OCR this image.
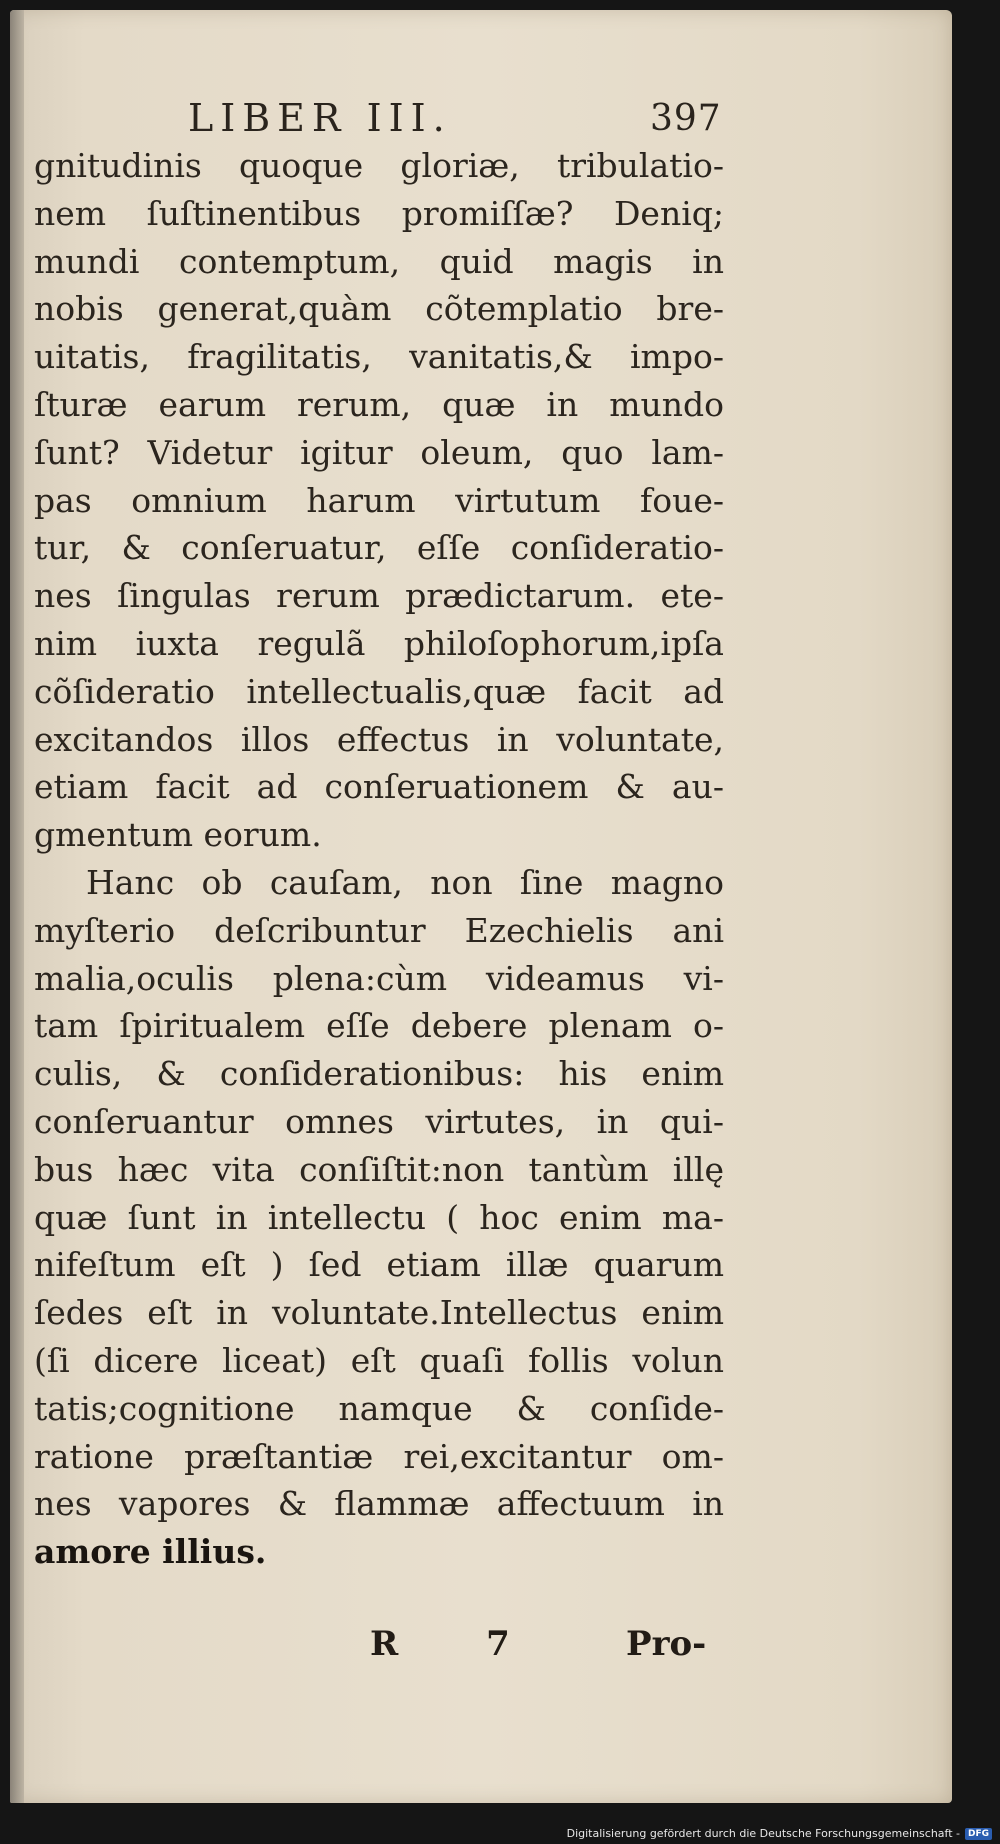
LIBER III.	397
gnitudinis quoque gloriæ, tribulatio-
nem ſuſtinentibus promiſſæ? Deniq;
mundi contemptum, quid magis in
nobis generat,quàm cõtemplatio bre-
uitatis, fragilitatis, vanitatis,& impo-
ſturæ earum rerum, quæ in mundo
ſunt? Videtur igitur oleum, quo lam-
pas omnium harum virtutum foue-
tur, & conſeruatur, eſſe conſideratio-
nes ſingulas rerum prædictarum. ete-
nim iuxta regulã philoſophorum,ipſa
cõſideratio intellectualis,quæ facit ad
excitandos illos effectus in voluntate,
etiam facit ad conſeruationem & au-
gmentum eorum.
Hanc ob cauſam, non ſine magno
myſterio deſcribuntur Ezechielis ani
malia,oculis plena:cùm videamus vi-
tam ſpiritualem eſſe debere plenam o-
culis, & conſiderationibus: his enim
conſeruantur omnes virtutes, in qui-
bus hæc vita conſiſtit:non tantùm illę
quæ ſunt in intellectu ( hoc enim ma-
nifeſtum eſt ) ſed etiam illæ quarum
ſedes eſt in voluntate.Intellectus enim
(ſi dicere liceat) eſt quaſi follis volun
tatis;cognitione namque & conſide-
ratione præſtantiæ rei,excitantur om-
nes vapores & flammæ affectuum in
amore illius.
R 7 Pro-
Digitalisierung gefördert durch die Deutsche Forschungsgemeinschaft - DFG
